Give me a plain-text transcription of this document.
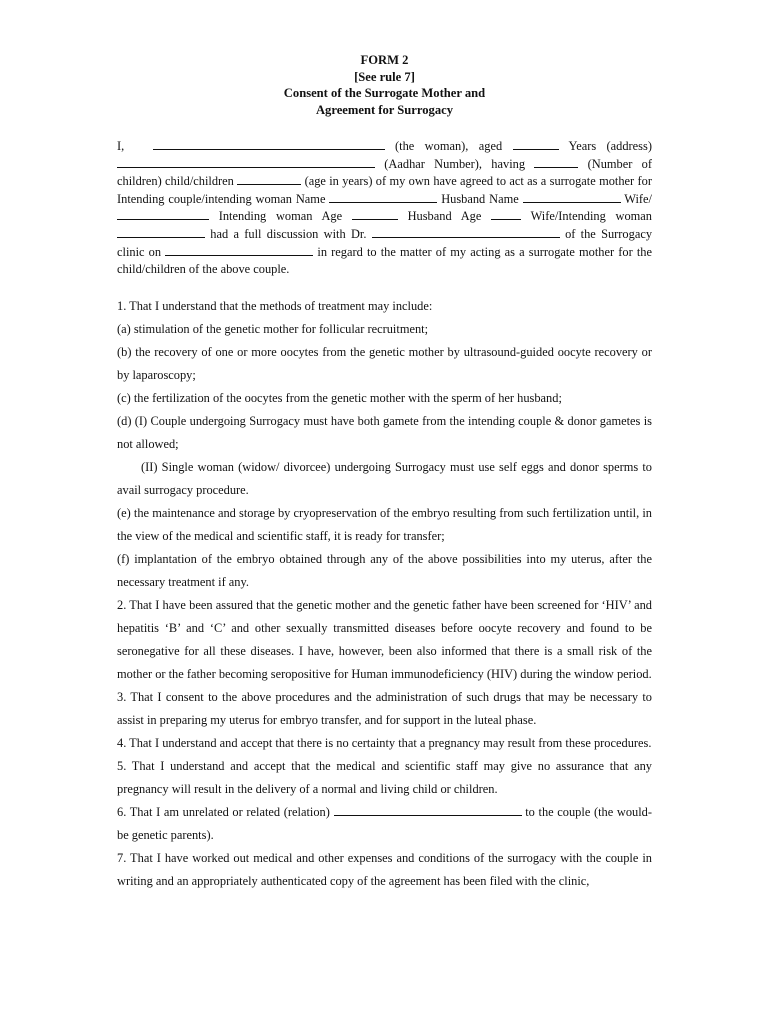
FORM 2
[See rule 7]
Consent of the Surrogate Mother and
Agreement for Surrogacy
I,	(the woman), aged	Years (address) (Aadhar Number), having	(Number of children) child/children	(age in years) of my own have agreed to act as a surrogate mother for Intending couple/intending woman Name	Husband Name	Wife/  Intending woman Age	Husband Age	Wife/Intending woman  had a full discussion with Dr.	of the Surrogacy clinic on	in regard to the matter of my acting as a surrogate mother for the child/children of the above couple.

1. That I understand that the methods of treatment may include:

(a) stimulation of the genetic mother for follicular recruitment;

(b) the recovery of one or more oocytes from the genetic mother by ultrasound-guided oocyte recovery or by laparoscopy;

(c) the fertilization of the oocytes from the genetic mother with the sperm of her husband;

(d) (I) Couple undergoing Surrogacy must have both gamete from the intending couple & donor gametes is not allowed;

(II) Single woman (widow/ divorcee) undergoing Surrogacy must use self eggs and donor sperms to avail surrogacy procedure.

(e) the maintenance and storage by cryopreservation of the embryo resulting from such fertilization until, in the view of the medical and scientific staff, it is ready for transfer;

(f) implantation of the embryo obtained through any of the above possibilities into my uterus, after the necessary treatment if any.

2. That I have been assured that the genetic mother and the genetic father have been screened for ‘HIV’ and hepatitis ‘B’ and ‘C’ and other sexually transmitted diseases before oocyte recovery and found to be seronegative for all these diseases. I have, however, been also informed that there is a small risk of the mother or the father becoming seropositive for Human immunodeficiency (HIV) during the window period.

3. That I consent to the above procedures and the administration of such drugs that may be necessary to assist in preparing my uterus for embryo transfer, and for support in the luteal phase.

4. That I understand and accept that there is no certainty that a pregnancy may result from these procedures.

5. That I understand and accept that the medical and scientific staff may give no assurance that any pregnancy will result in the delivery of a normal and living child or children.

6. That I am unrelated or related (relation)	to the couple (the would-be genetic parents).

7. That I have worked out medical and other expenses and conditions of the surrogacy with the couple in writing and an appropriately authenticated copy of the agreement has been filed with the clinic,
